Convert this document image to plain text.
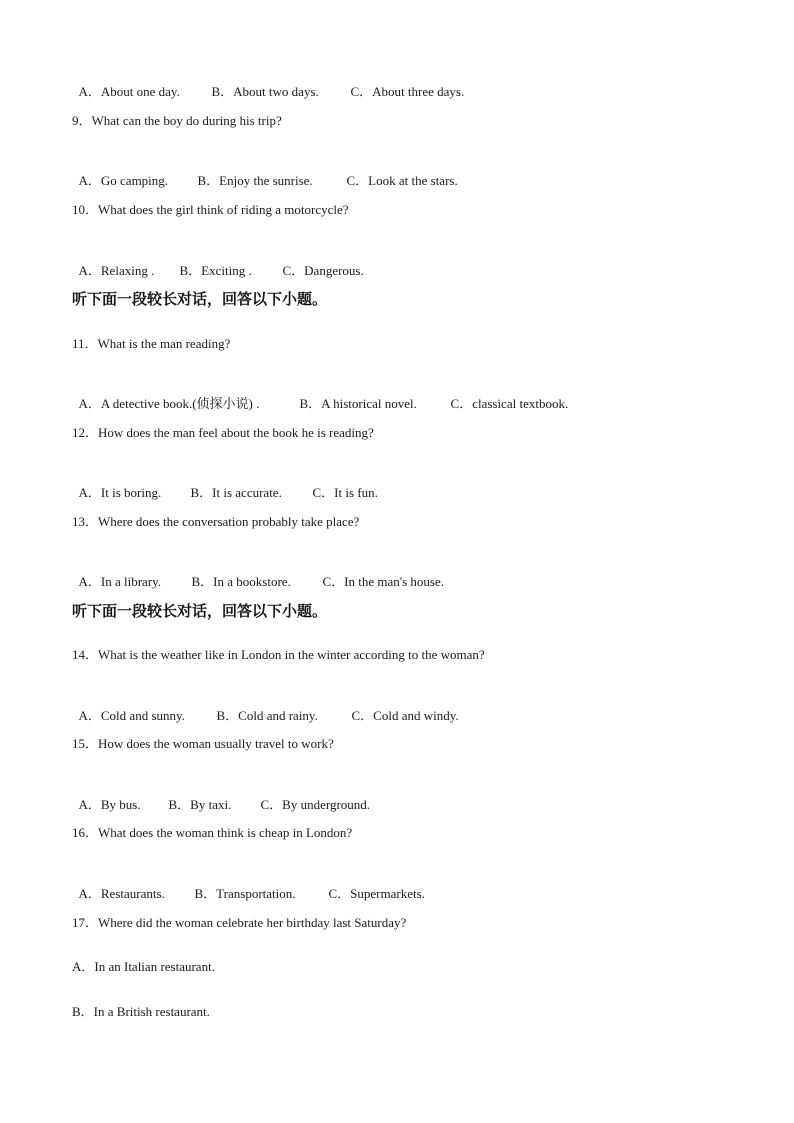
A．About one day. B．About two days. C．About three days.

9．What can the boy do during his trip?

A．Go camping. B．Enjoy the sunrise.	C．Look at the stars.

10．What does the girl think of riding a motorcycle?

A．Relaxing . B．Exciting . C．Dangerous.

听下面一段较长对话，回答以下小题。

11．What is the man reading?

A．A detective book.(侦探小说) .	B．A historical novel.	C．classical textbook.

12．How does the man feel about the book he is reading?

A．It is boring. B．It is accurate. C．It is fun.

13．Where does the conversation probably take place?

A．In a library. B．In a bookstore. C．In the man's house.

听下面一段较长对话，回答以下小题。

14．What is the weather like in London in the winter according to the woman?

A．Cold and sunny. B．Cold and rainy.	C．Cold and windy.

15．How does the woman usually travel to work?

A．By bus. B．By taxi. C．By underground.

16．What does the woman think is cheap in London?

A．Restaurants. B．Transportation.	C．Supermarkets.

17．Where did the woman celebrate her birthday last Saturday?

A．In an Italian restaurant.

B．In a British restaurant.
